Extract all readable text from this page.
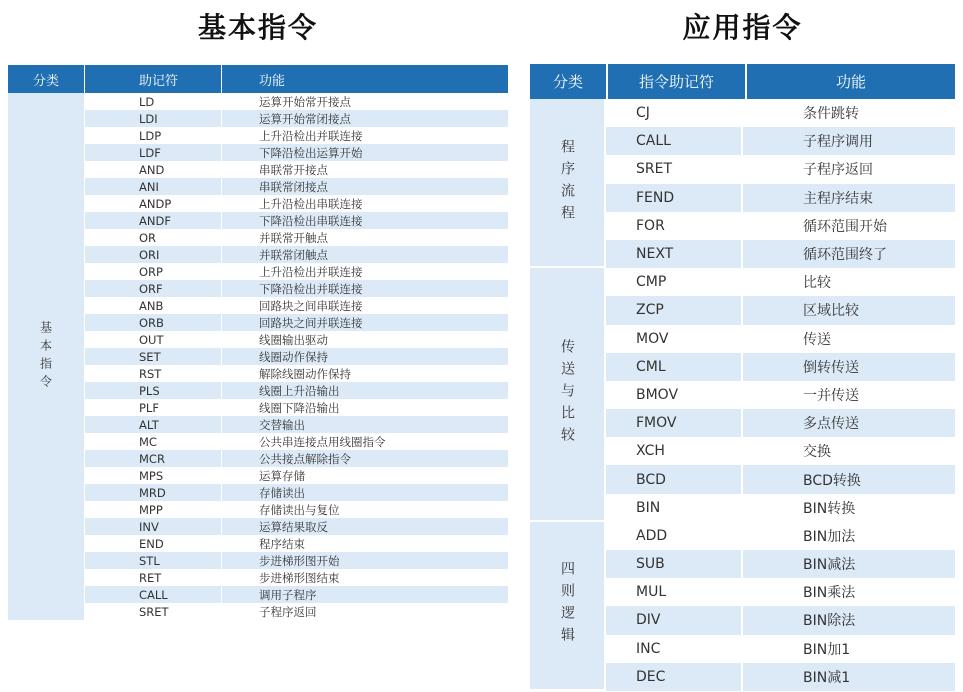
基本指令	应用指令
分类	助记符	功能
基本指令
LD	运算开始常开接点
LDI	运算开始常闭接点
LDP	上升沿检出并联连接
LDF	下降沿检出运算开始
AND	串联常开接点
ANI	串联常闭接点
ANDP	上升沿检出串联连接
ANDF	下降沿检出串联连接
OR	并联常开触点
ORI	并联常闭触点
ORP	上升沿检出并联连接
ORF	下降沿检出并联连接
ANB	回路块之间串联连接
ORB	回路块之间并联连接
OUT	线圈输出驱动
SET	线圈动作保持
RST	解除线圈动作保持
PLS	线圈上升沿输出
PLF	线圈下降沿输出
ALT	交替输出
MC	公共串连接点用线圈指令
MCR	公共接点解除指令
MPS	运算存储
MRD	存储读出
MPP	存储读出与复位
INV	运算结果取反
END	程序结束
STL	步进梯形图开始
RET	步进梯形图结束
CALL	调用子程序
SRET	子程序返回
分类	指令助记符	功能
程序流程
CJ	条件跳转
CALL	子程序调用
SRET	子程序返回
FEND	主程序结束
FOR	循环范围开始
NEXT	循环范围终了
传送与比较
CMP	比较
ZCP	区域比较
MOV	传送
CML	倒转传送
BMOV	一并传送
FMOV	多点传送
XCH	交换
BCD	BCD转换
BIN	BIN转换
四则逻辑
ADD	BIN加法
SUB	BIN减法
MUL	BIN乘法
DIV	BIN除法
INC	BIN加1
DEC	BIN减1
